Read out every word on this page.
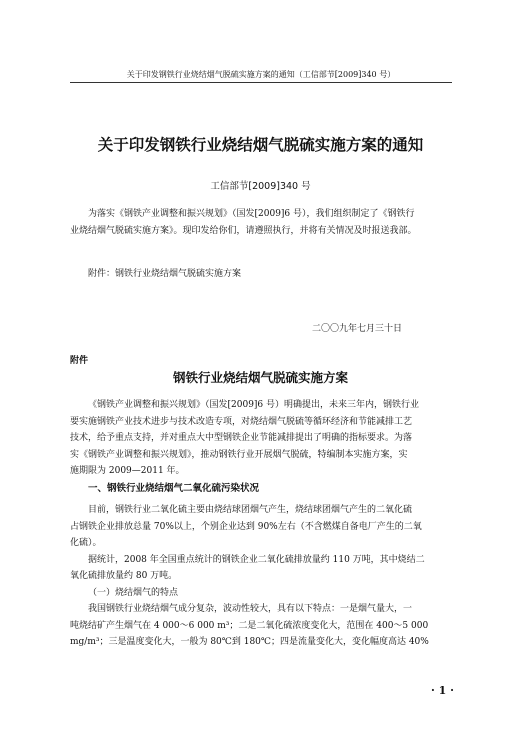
关于印发钢铁行业烧结烟气脱硫实施方案的通知（工信部节[2009]340 号）
关于印发钢铁行业烧结烟气脱硫实施方案的通知
工信部节[2009]340 号
为落实《钢铁产业调整和振兴规划》（国发[2009]6 号），我们组织制定了《钢铁行
业烧结烟气脱硫实施方案》。现印发给你们，请遵照执行，并将有关情况及时报送我部。
附件：钢铁行业烧结烟气脱硫实施方案
二〇〇九年七月三十日
附件
钢铁行业烧结烟气脱硫实施方案
《钢铁产业调整和振兴规划》（国发[2009]6 号）明确提出，未来三年内，钢铁行业
要实施钢铁产业技术进步与技术改造专项，对烧结烟气脱硫等循环经济和节能减排工艺
技术，给予重点支持，并对重点大中型钢铁企业节能减排提出了明确的指标要求。为落
实《钢铁产业调整和振兴规划》，推动钢铁行业开展烟气脱硫，特编制本实施方案，实
施期限为 2009—2011 年。
一、钢铁行业烧结烟气二氧化硫污染状况
目前，钢铁行业二氧化硫主要由烧结球团烟气产生，烧结球团烟气产生的二氧化硫
占钢铁企业排放总量 70%以上，个别企业达到 90%左右（不含燃煤自备电厂产生的二氧
化硫）。
据统计，2008 年全国重点统计的钢铁企业二氧化硫排放量约 110 万吨，其中烧结二
氧化硫排放量约 80 万吨。
（一）烧结烟气的特点
我国钢铁行业烧结烟气成分复杂，波动性较大，具有以下特点：一是烟气量大，一
吨烧结矿产生烟气在 4 000～6 000 m³；二是二氧化硫浓度变化大，范围在 400～5 000
mg/m³；三是温度变化大，一般为 80℃到 180℃；四是流量变化大，变化幅度高达 40%
· 1 ·
